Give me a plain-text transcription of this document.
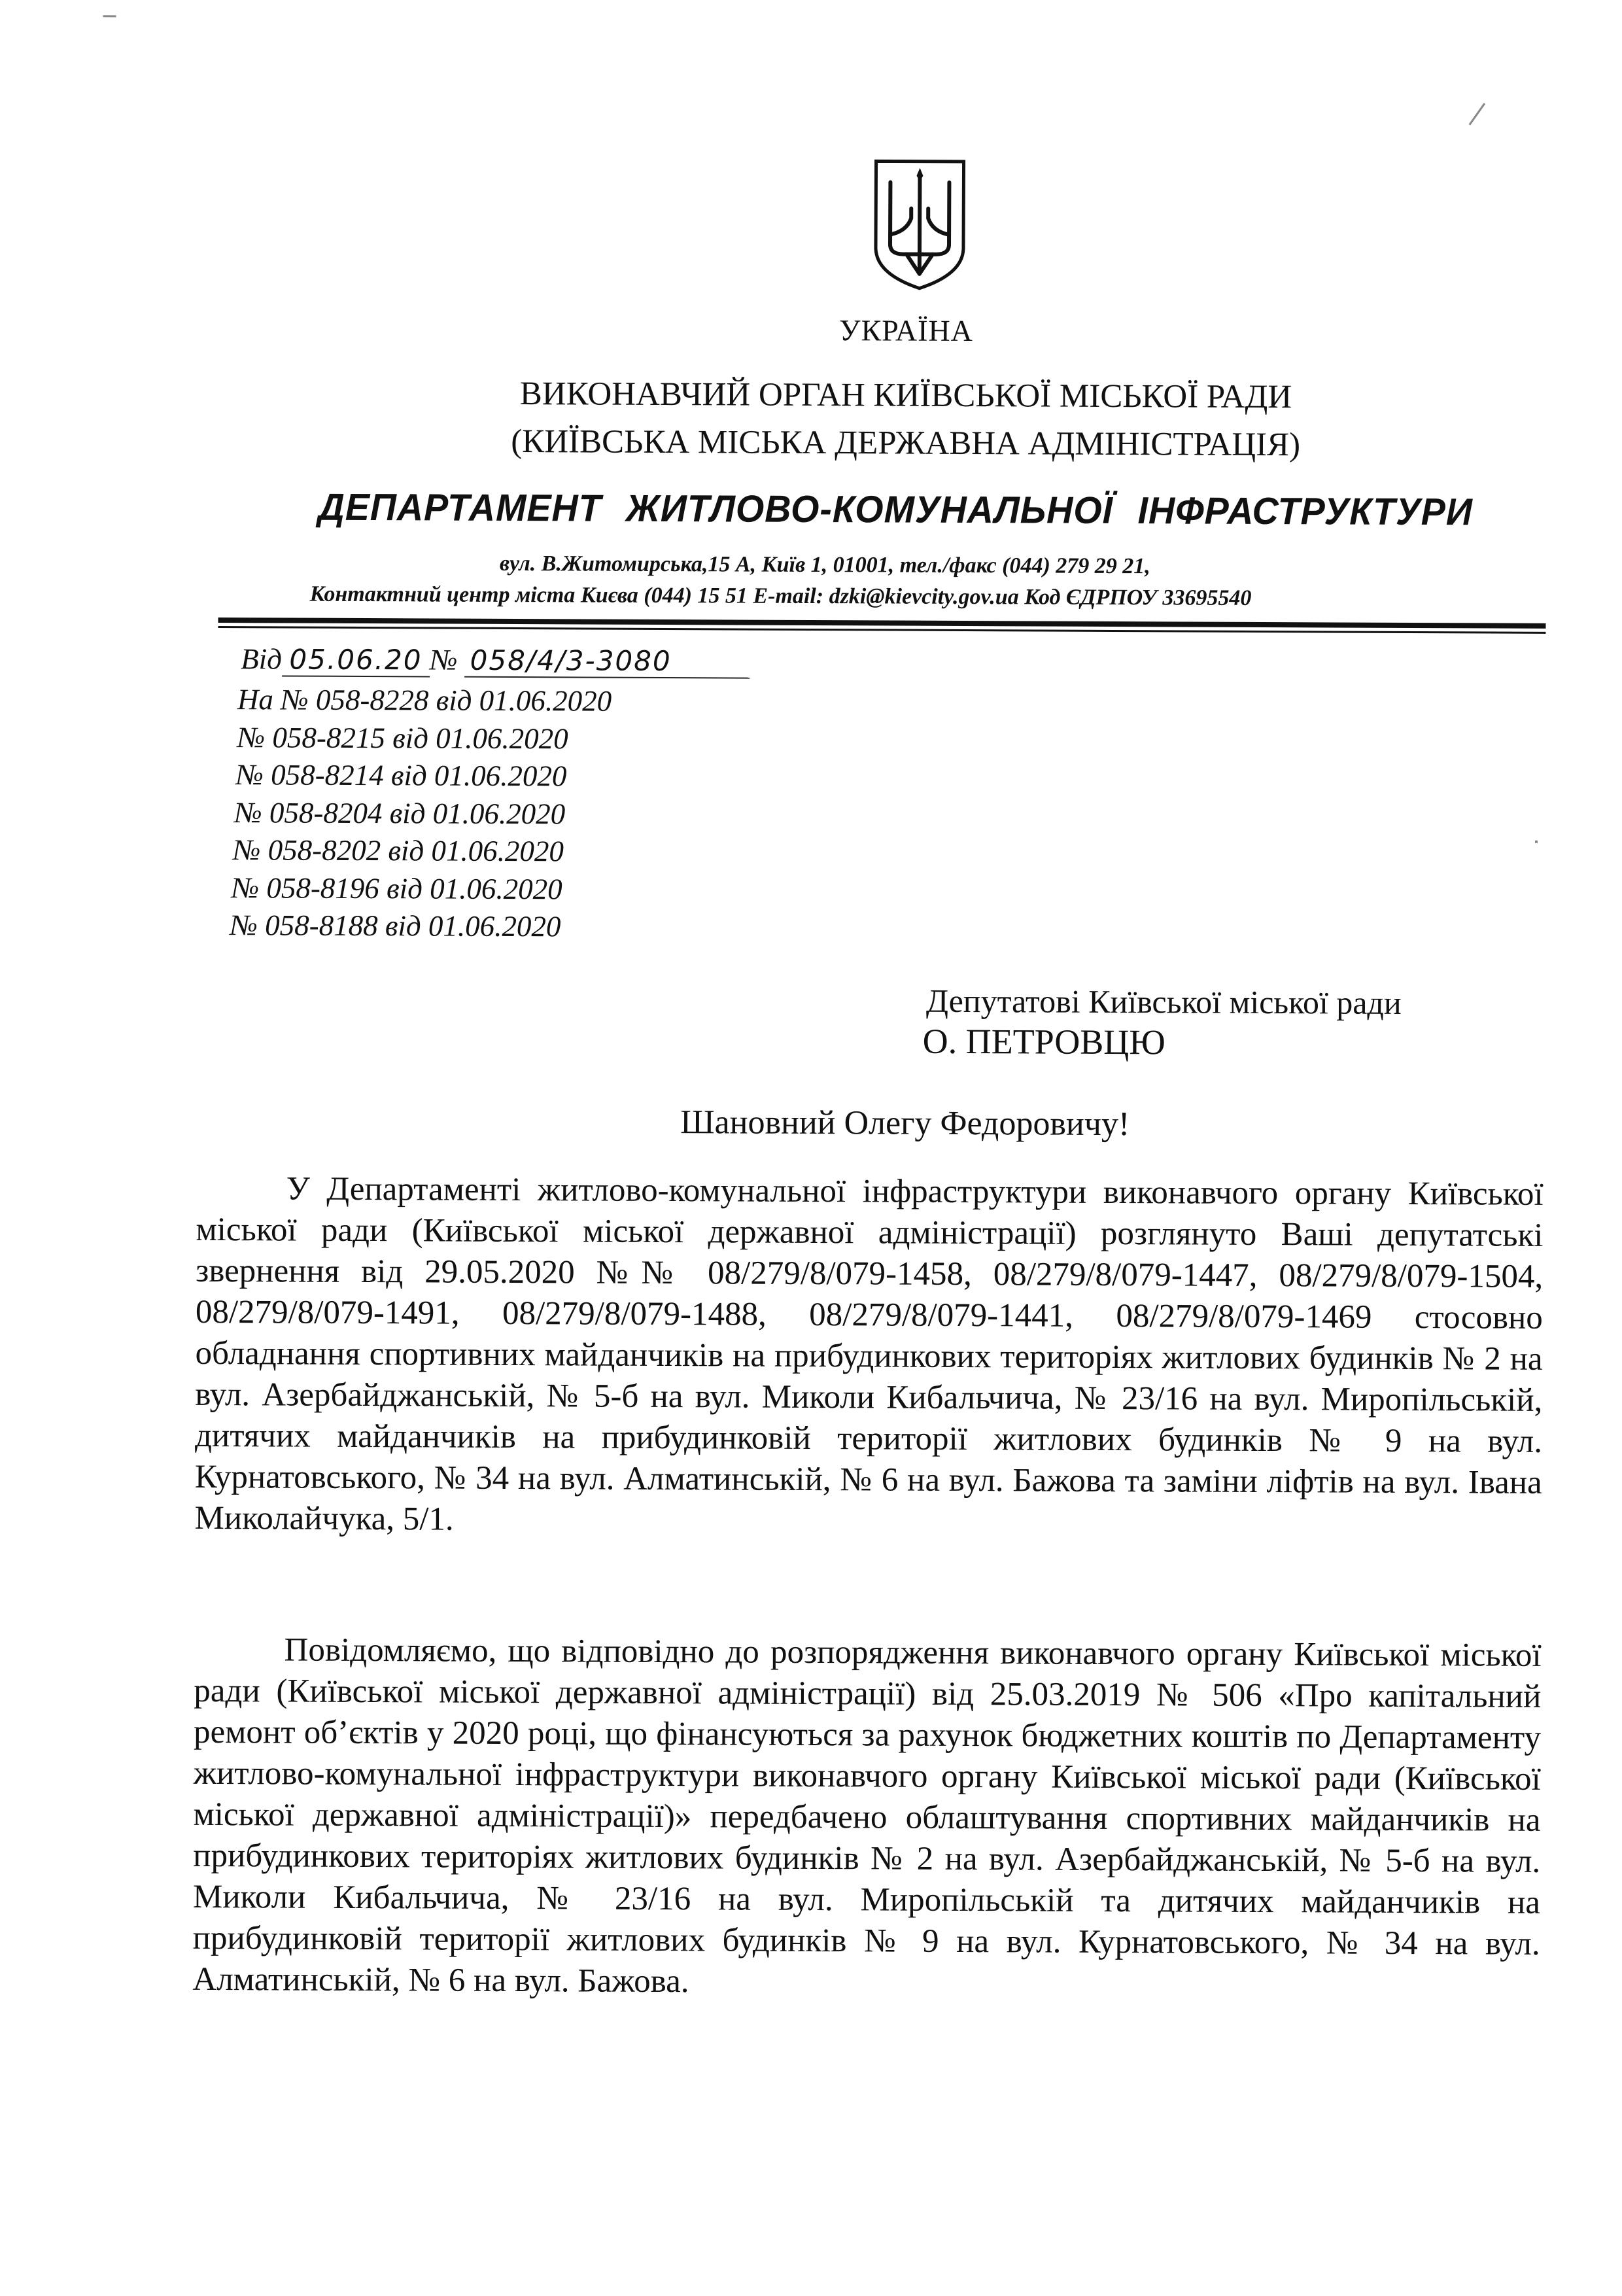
УКРАЇНА
ВИКОНАВЧИЙ ОРГАН КИЇВСЬКОЇ МІСЬКОЇ РАДИ
(КИЇВСЬКА МІСЬКА ДЕРЖАВНА АДМІНІСТРАЦІЯ)
ДЕПАРТАМЕНТ ЖИТЛОВО-КОМУНАЛЬНОЇ ІНФРАСТРУКТУРИ
вул. В.Житомирська,15 А, Київ 1, 01001, тел./факс (044) 279 29 21,
Контактний центр міста Києва (044) 15 51 E-mail: dzki@kievcity.gov.ua Код ЄДРПОУ 33695540
Від 05.06.20 № 058/4/3-3080
На № 058-8228 від 01.06.2020
№ 058-8215 від 01.06.2020
№ 058-8214 від 01.06.2020
№ 058-8204 від 01.06.2020
№ 058-8202 від 01.06.2020
№ 058-8196 від 01.06.2020
№ 058-8188 від 01.06.2020
Депутатові Київської міської ради
О. ПЕТРОВЦЮ
Шановний Олегу Федоровичу!
У Департаменті житлово-комунальної інфраструктури виконавчого органу Київської міської ради (Київської міської державної адміністрації) розглянуто Ваші депутатські звернення від 29.05.2020 №№ 08/279/8/079-1458, 08/279/8/079-1447, 08/279/8/079-1504, 08/279/8/079-1491, 08/279/8/079-1488, 08/279/8/079-1441, 08/279/8/079-1469 стосовно обладнання спортивних майданчиків на прибудинкових територіях житлових будинків № 2 на вул. Азербайджанській, № 5-б на вул. Миколи Кибальчича, № 23/16 на вул. Миропільській, дитячих майданчиків на прибудинковій території житлових будинків № 9 на вул. Курнатовського, № 34 на вул. Алматинській, № 6 на вул. Бажова та заміни ліфтів на вул. Івана Миколайчука, 5/1.
Повідомляємо, що відповідно до розпорядження виконавчого органу Київської міської ради (Київської міської державної адміністрації) від 25.03.2019 № 506 «Про капітальний ремонт об’єктів у 2020 році, що фінансуються за рахунок бюджетних коштів по Департаменту житлово-комунальної інфраструктури виконавчого органу Київської міської ради (Київської міської державної адміністрації)» передбачено облаштування спортивних майданчиків на прибудинкових територіях житлових будинків № 2 на вул. Азербайджанській, № 5-б на вул. Миколи Кибальчича, № 23/16 на вул. Миропільській та дитячих майданчиків на прибудинковій території житлових будинків № 9 на вул. Курнатовського, № 34 на вул. Алматинській, № 6 на вул. Бажова.
